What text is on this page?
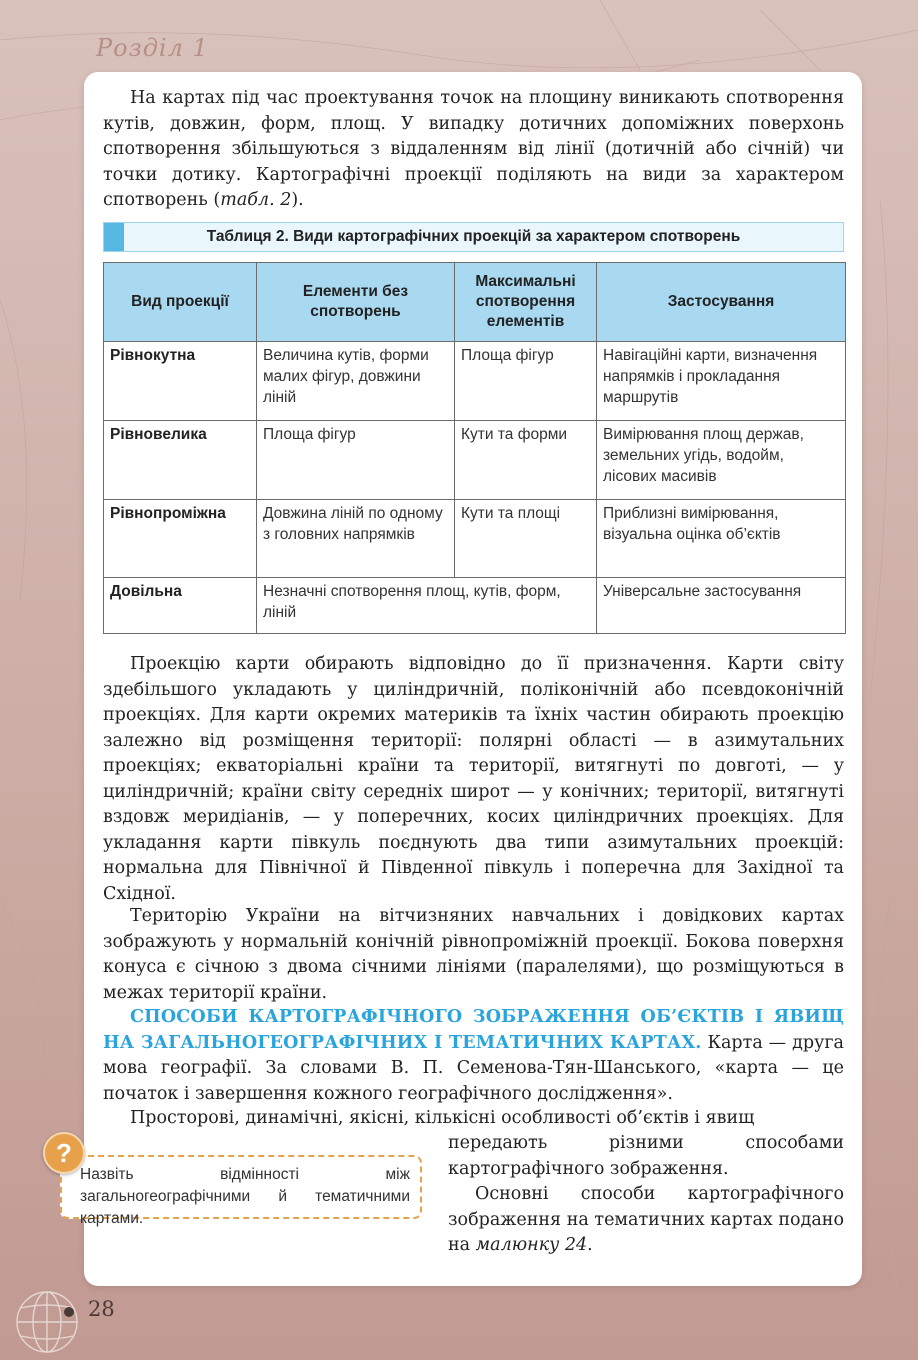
Розділ 1

На картах під час проектування точок на площину виникають спотворення кутів, довжин, форм, площ. У випадку дотичних допоміжних поверхонь спотворення збільшуються з віддаленням від лінії (дотичній або січній) чи точки дотику. Картографічні проекції поділяють на види за характером спотворень (табл. 2).

Таблиця 2. Види картографічних проекцій за характером спотворень
Вид проекції	Елементи без спотворень	Максимальні спотворення елементів	Застосування
Рівнокутна	Величина кутів, форми малих фігур, довжини ліній	Площа фігур	Навігаційні карти, визначення напрямків і прокладання маршрутів
Рівновелика	Площа фігур	Кути та форми	Вимірювання площ держав, земельних угідь, водойм, лісових масивів
Рівнопроміжна	Довжина ліній по одному з головних напрямків	Кути та площі	Приблизні вимірювання, візуальна оцінка об’єктів
Довільна	Незначні спотворення площ, кутів, форм, ліній		Універсальне застосування

Проекцію карти обирають відповідно до її призначення. Карти світу здебільшого укладають у циліндричній, поліконічній або псевдоконічній проекціях. Для карти окремих материків та їхніх частин обирають проекцію залежно від розміщення території: полярні області — в азимутальних проекціях; екваторіальні країни та території, витягнуті по довготі, — у циліндричній; країни світу середніх широт — у конічних; території, витягнуті вздовж меридіанів, — у поперечних, косих циліндричних проекціях. Для укладання карти півкуль поєднують два типи азимутальних проекцій: нормальна для Північної й Південної півкуль і поперечна для Західної та Східної.

Територію України на вітчизняних навчальних і довідкових картах зображують у нормальній конічній рівнопроміжній проекції. Бокова поверхня конуса є січною з двома січними лініями (паралелями), що розміщуються в межах території країни.

СПОСОБИ КАРТОГРАФІЧНОГО ЗОБРАЖЕННЯ ОБ’ЄКТІВ І ЯВИЩ НА ЗАГАЛЬНОГЕОГРАФІЧНИХ І ТЕМАТИЧНИХ КАРТАХ. Карта — друга мова географії. За словами В. П. Семенова-Тян-Шанського, «карта — це початок і завершення кожного географічного дослідження».

Просторові, динамічні, якісні, кількісні особливості об’єктів і явищ

передають різними способами картографічного зображення.

Основні способи картографічного зображення на тематичних картах подано на малюнку 24.

Назвіть відмінності між загальногеографічними й тематичними картами.
?
28
